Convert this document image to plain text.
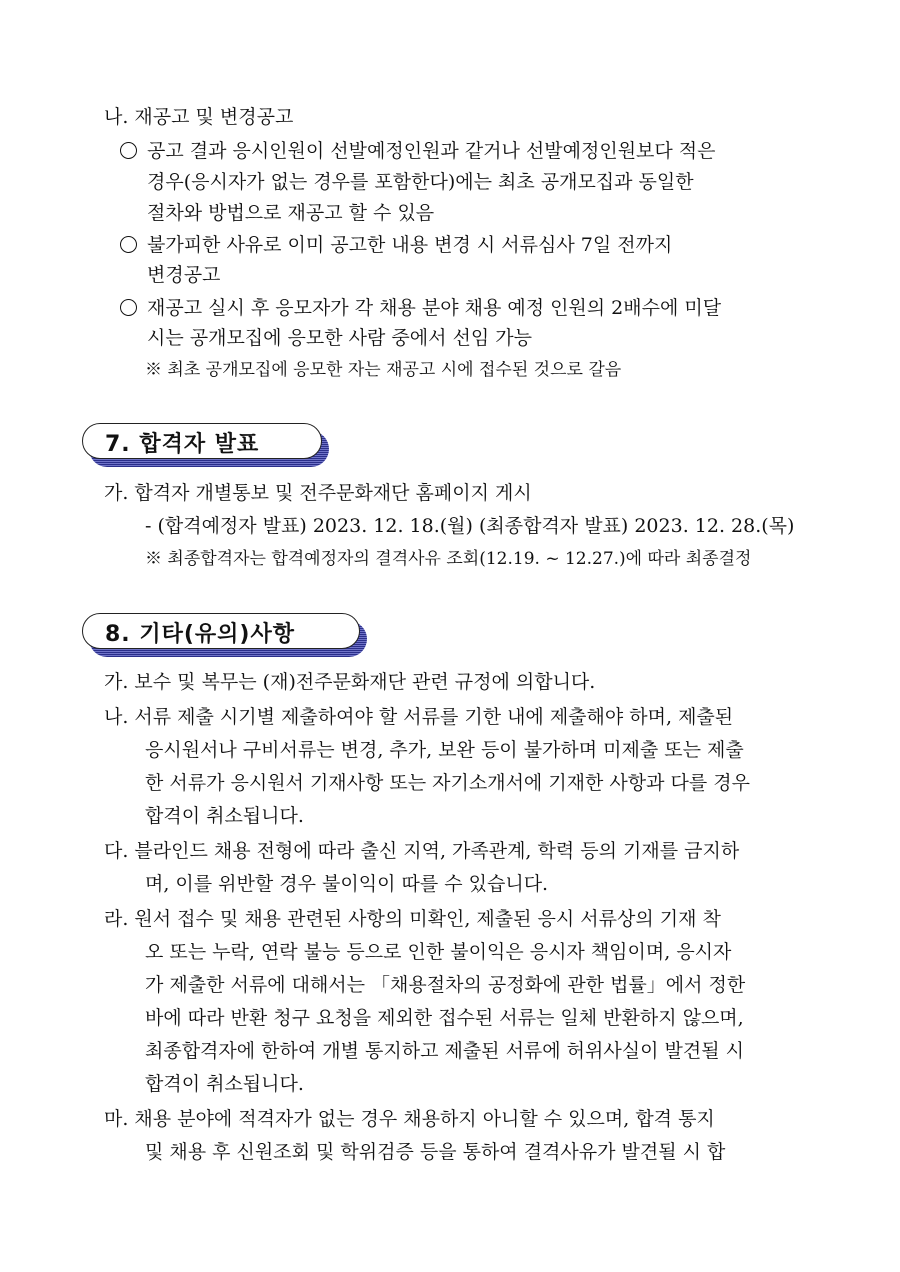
나. 재공고 및 변경공고
공고 결과 응시인원이 선발예정인원과 같거나 선발예정인원보다 적은
경우(응시자가 없는 경우를 포함한다)에는 최초 공개모집과 동일한
절차와 방법으로 재공고 할 수 있음
불가피한 사유로 이미 공고한 내용 변경 시 서류심사 7일 전까지
변경공고
재공고 실시 후 응모자가 각 채용 분야 채용 예정 인원의 2배수에 미달
시는 공개모집에 응모한 사람 중에서 선임 가능
※ 최초 공개모집에 응모한 자는 재공고 시에 접수된 것으로 갈음
7. 합격자 발표
가. 합격자 개별통보 및 전주문화재단 홈페이지 게시
- (합격예정자 발표) 2023. 12. 18.(월) (최종합격자 발표) 2023. 12. 28.(목)
※ 최종합격자는 합격예정자의 결격사유 조회(12.19. ~ 12.27.)에 따라 최종결정
8. 기타(유의)사항
가. 보수 및 복무는 (재)전주문화재단 관련 규정에 의합니다.
나. 서류 제출 시기별 제출하여야 할 서류를 기한 내에 제출해야 하며, 제출된
응시원서나 구비서류는 변경, 추가, 보완 등이 불가하며 미제출 또는 제출
한 서류가 응시원서 기재사항 또는 자기소개서에 기재한 사항과 다를 경우
합격이 취소됩니다.
다. 블라인드 채용 전형에 따라 출신 지역, 가족관계, 학력 등의 기재를 금지하
며, 이를 위반할 경우 불이익이 따를 수 있습니다.
라. 원서 접수 및 채용 관련된 사항의 미확인, 제출된 응시 서류상의 기재 착
오 또는 누락, 연락 불능 등으로 인한 불이익은 응시자 책임이며, 응시자
가 제출한 서류에 대해서는 「채용절차의 공정화에 관한 법률」에서 정한
바에 따라 반환 청구 요청을 제외한 접수된 서류는 일체 반환하지 않으며,
최종합격자에 한하여 개별 통지하고 제출된 서류에 허위사실이 발견될 시
합격이 취소됩니다.
마. 채용 분야에 적격자가 없는 경우 채용하지 아니할 수 있으며, 합격 통지
및 채용 후 신원조회 및 학위검증 등을 통하여 결격사유가 발견될 시 합
